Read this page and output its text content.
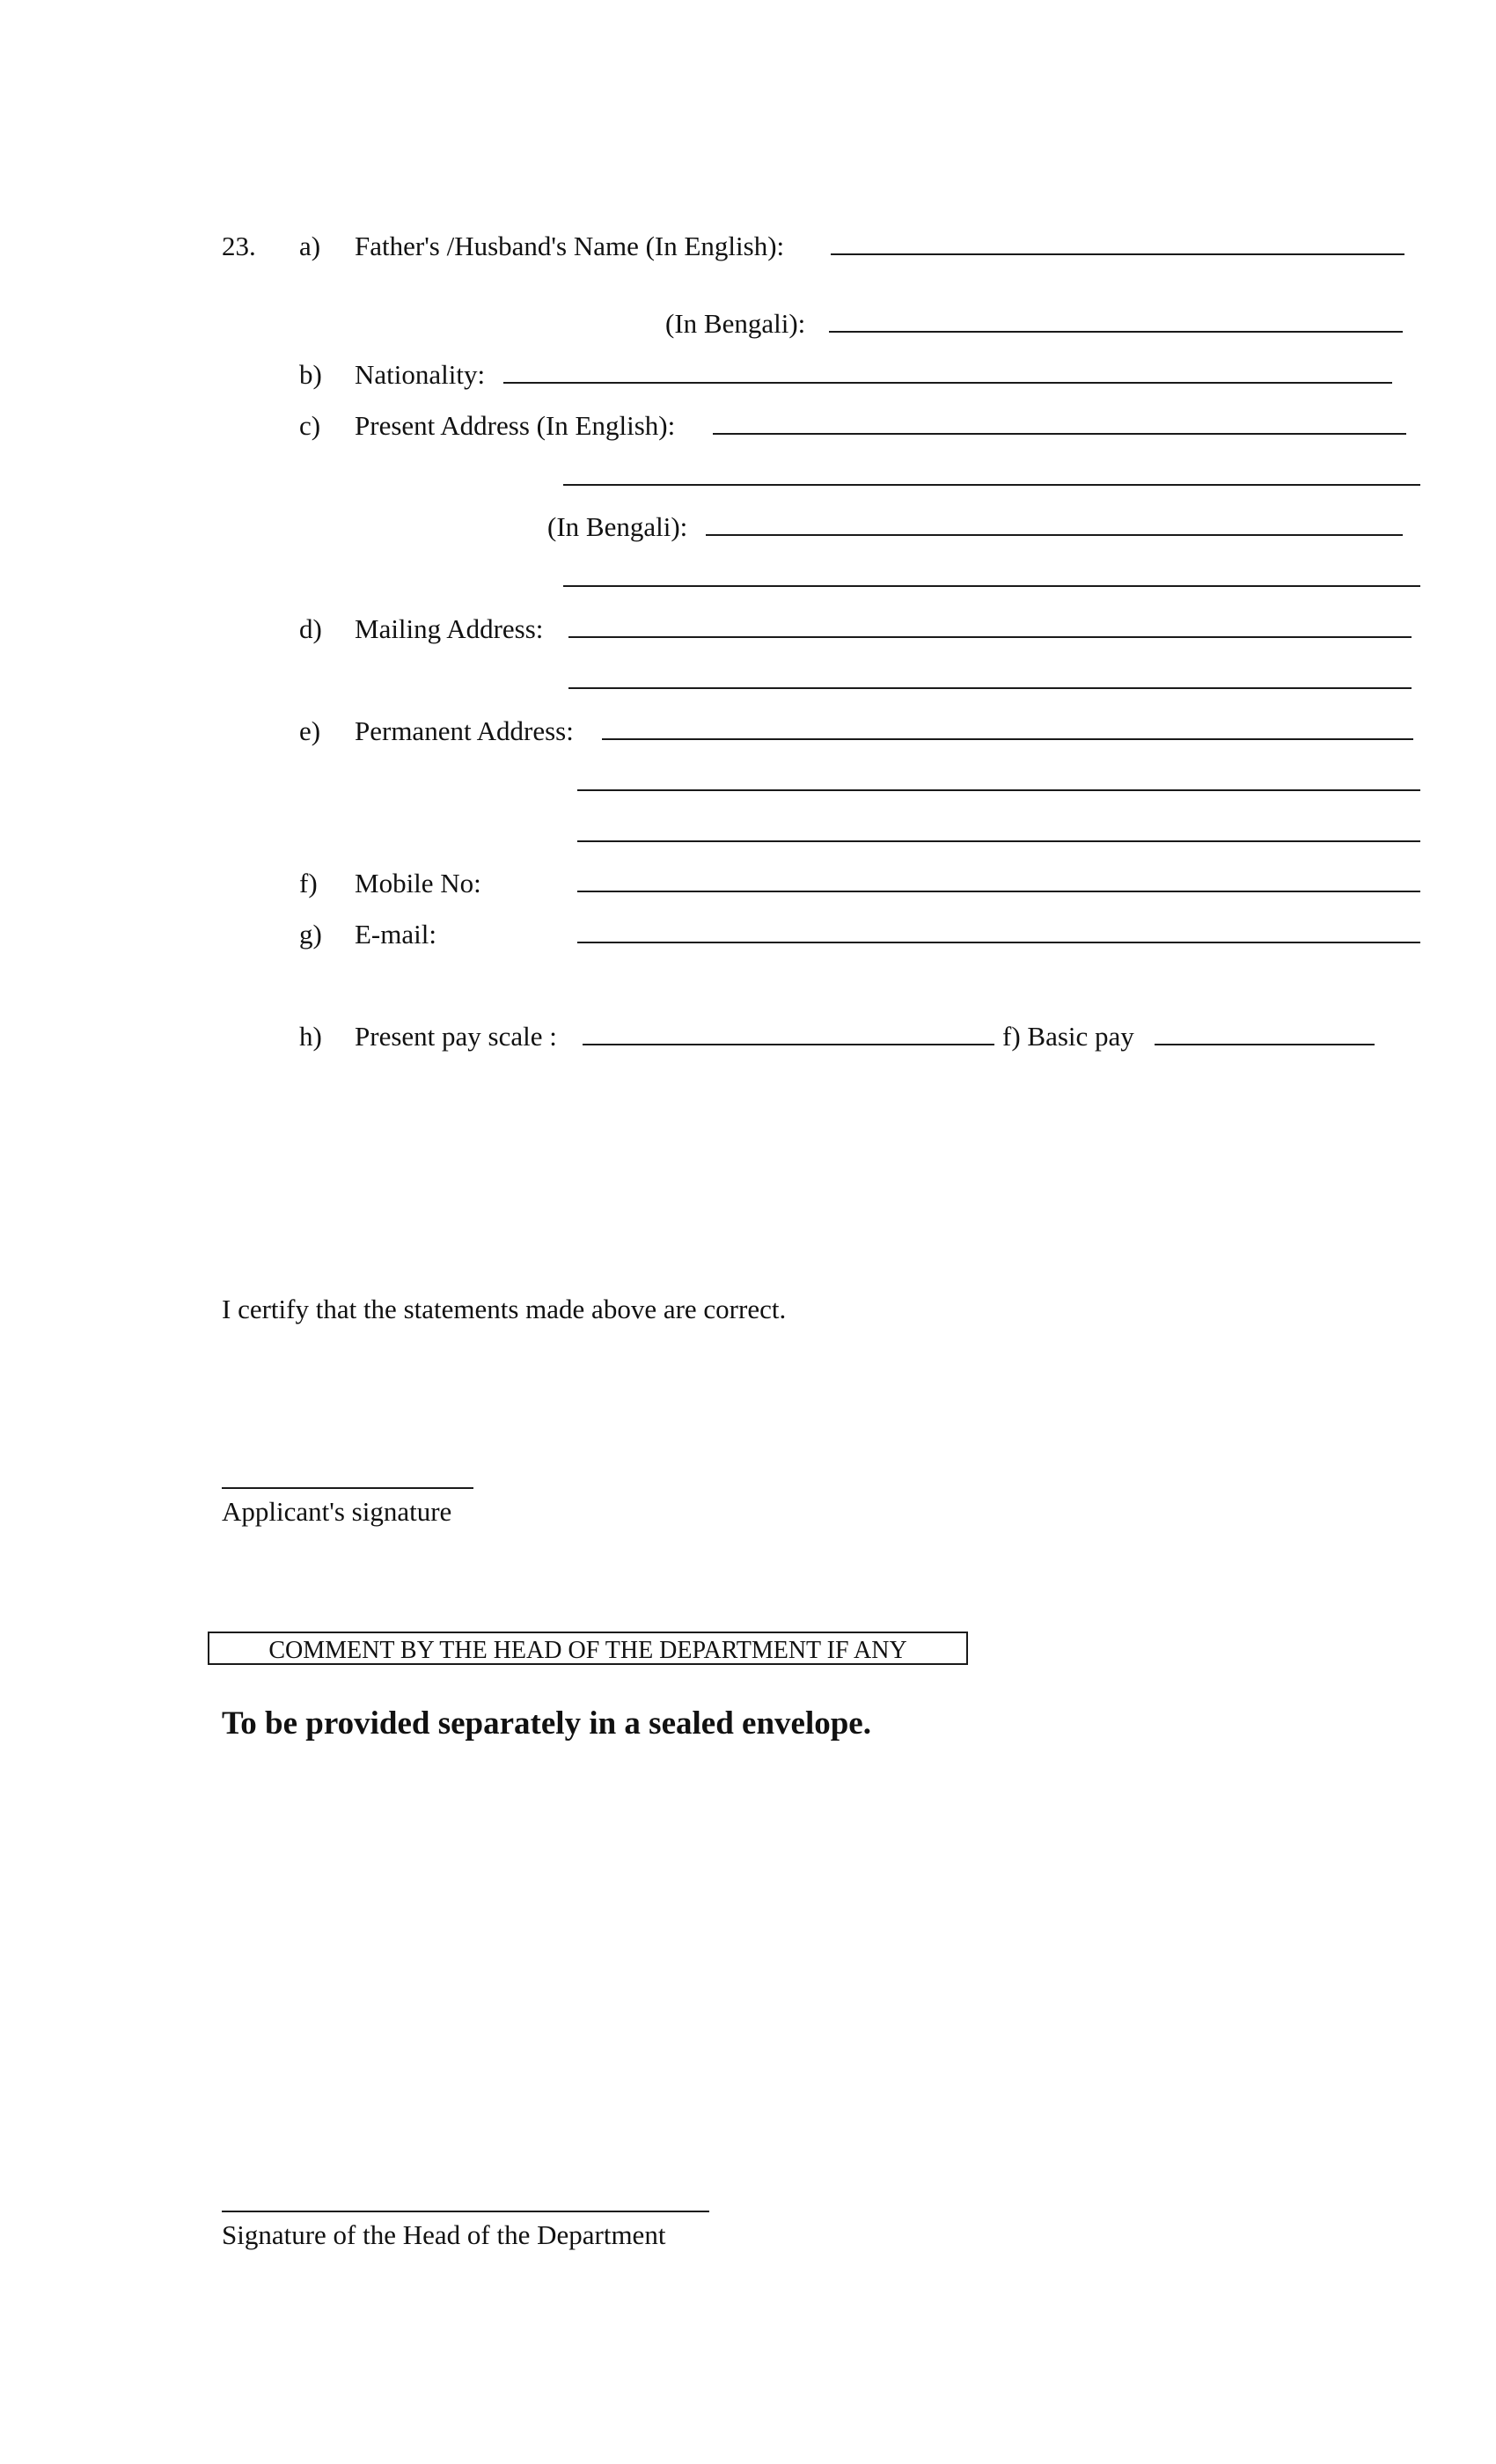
23. a) Father's /Husband's Name (In English):
(In Bengali):
b) Nationality:
c) Present Address (In English):
(In Bengali):
d) Mailing Address:
e) Permanent Address:
f) Mobile No:
g) E-mail:
h) Present pay scale :	f) Basic pay
I certify that the statements made above are correct.
Applicant's signature
COMMENT BY THE HEAD OF THE DEPARTMENT IF ANY
To be provided separately in a sealed envelope.
Signature of the Head of the Department
